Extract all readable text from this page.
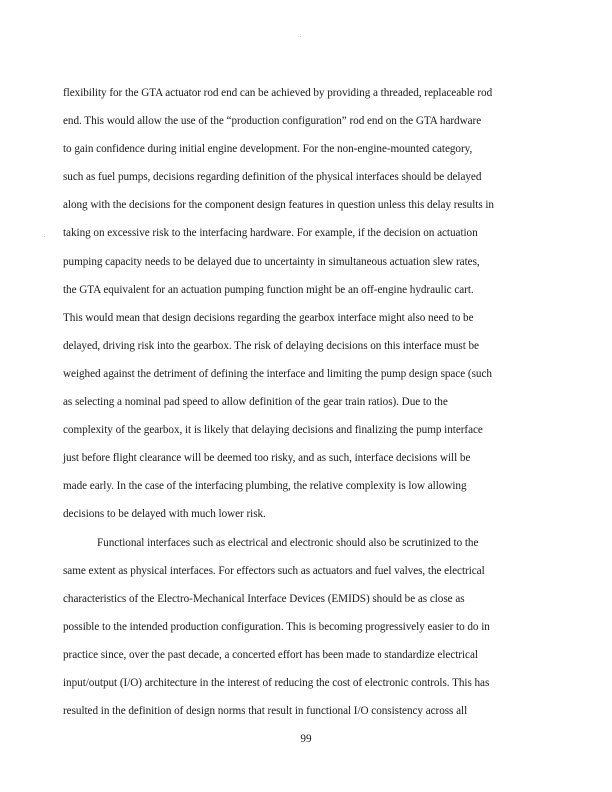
flexibility for the GTA actuator rod end can be achieved by providing a threaded, replaceable rod
end. This would allow the use of the “production configuration” rod end on the GTA hardware
to gain confidence during initial engine development. For the non-engine-mounted category,
such as fuel pumps, decisions regarding definition of the physical interfaces should be delayed
along with the decisions for the component design features in question unless this delay results in
taking on excessive risk to the interfacing hardware. For example, if the decision on actuation
pumping capacity needs to be delayed due to uncertainty in simultaneous actuation slew rates,
the GTA equivalent for an actuation pumping function might be an off-engine hydraulic cart.
This would mean that design decisions regarding the gearbox interface might also need to be
delayed, driving risk into the gearbox. The risk of delaying decisions on this interface must be
weighed against the detriment of defining the interface and limiting the pump design space (such
as selecting a nominal pad speed to allow definition of the gear train ratios). Due to the
complexity of the gearbox, it is likely that delaying decisions and finalizing the pump interface
just before flight clearance will be deemed too risky, and as such, interface decisions will be
made early. In the case of the interfacing plumbing, the relative complexity is low allowing
decisions to be delayed with much lower risk.
Functional interfaces such as electrical and electronic should also be scrutinized to the
same extent as physical interfaces. For effectors such as actuators and fuel valves, the electrical
characteristics of the Electro-Mechanical Interface Devices (EMIDS) should be as close as
possible to the intended production configuration. This is becoming progressively easier to do in
practice since, over the past decade, a concerted effort has been made to standardize electrical
input/output (I/O) architecture in the interest of reducing the cost of electronic controls. This has
resulted in the definition of design norms that result in functional I/O consistency across all
99
